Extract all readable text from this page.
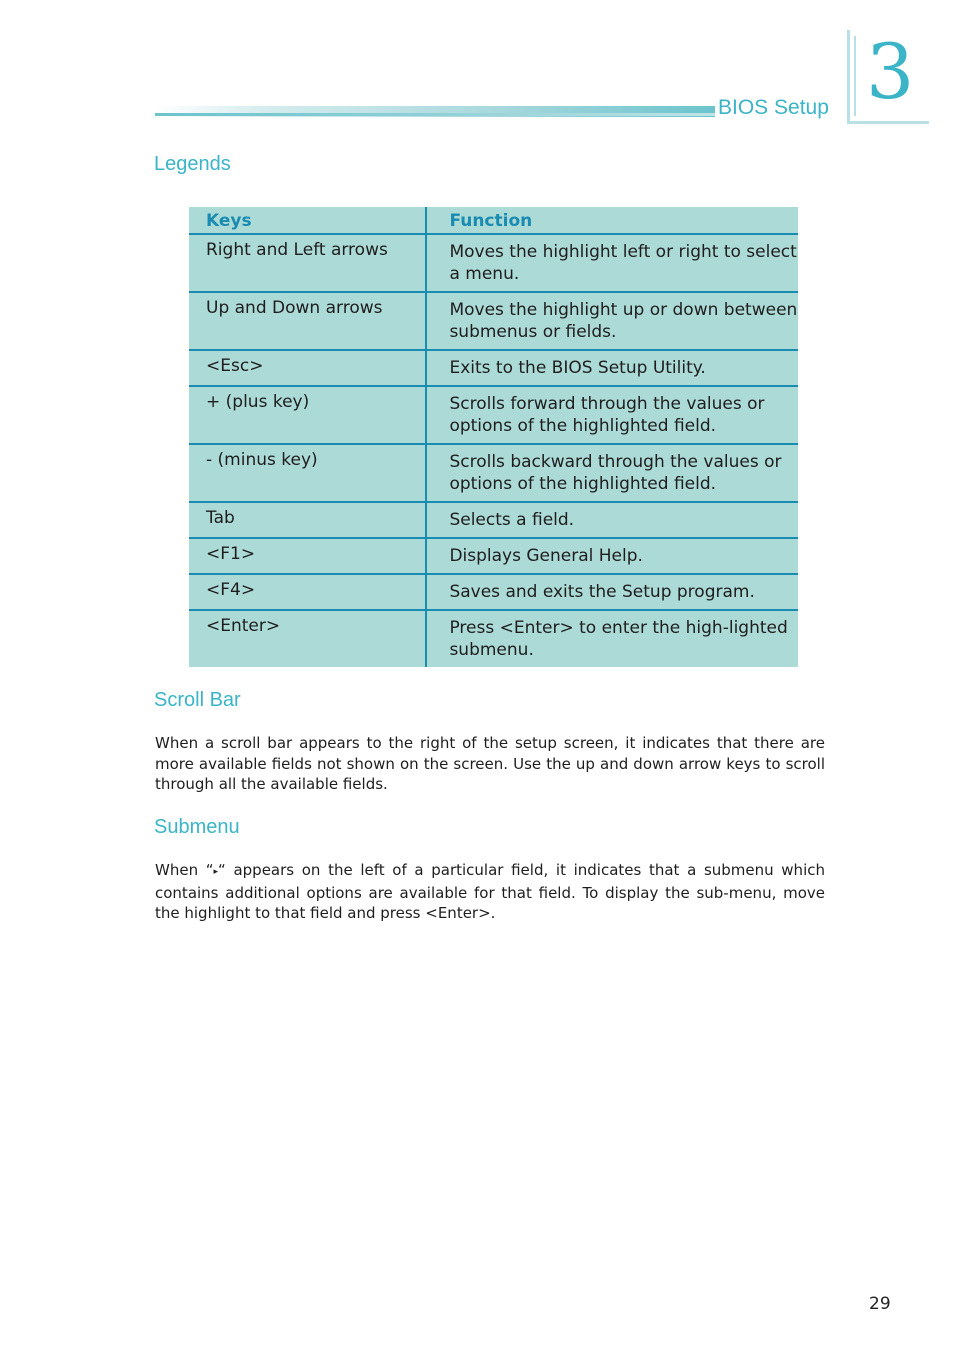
BIOS Setup 3
Legends
Keys	Function
Right and Left arrows	Moves the highlight left or right to select a menu.
Up and Down arrows	Moves the highlight up or down between submenus or fields.
<Esc>	Exits to the BIOS Setup Utility.
+ (plus key)	Scrolls forward through the values or options of the highlighted field.
- (minus key)	Scrolls backward through the values or options of the highlighted field.
Tab	Selects a field.
<F1>	Displays General Help.
<F4>	Saves and exits the Setup program.
<Enter>	Press <Enter> to enter the high-lighted submenu.
Scroll Bar
When a scroll bar appears to the right of the setup screen, it indicates that there are more available fields not shown on the screen. Use the up and down arrow keys to scroll through all the available fields.
Submenu
When “▸“ appears on the left of a particular field, it indicates that a submenu which contains additional options are available for that field. To display the sub-menu, move the highlight to that field and press <Enter>.
29
